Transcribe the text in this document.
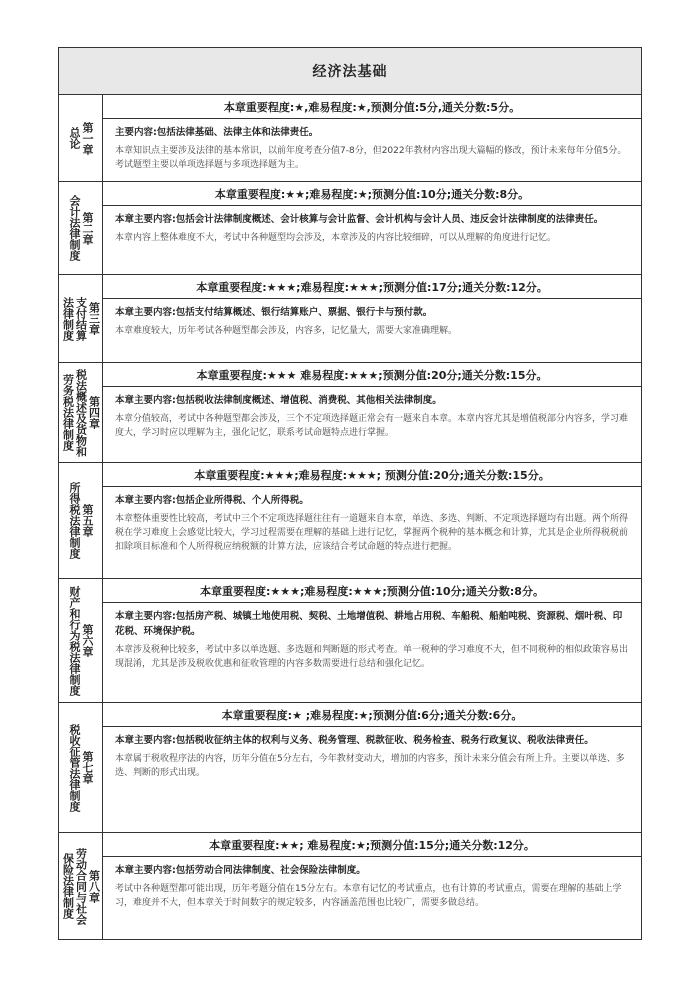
经济法基础
第一章
总论
本章重要程度:★,难易程度:★,预测分值:5分,通关分数:5分。

主要内容:包括法律基础、法律主体和法律责任。

本章知识点主要涉及法律的基本常识，以前年度考查分值7-8分，但2022年教材内容出现大篇幅的修改，预计未来每年分值5分。考试题型主要以单项选择题与多项选择题为主。

第二章
会计法律制度
本章重要程度:★★;难易程度:★;预测分值:10分;通关分数:8分。

本章主要内容:包括会计法律制度概述、会计核算与会计监督、会计机构与会计人员、违反会计法律制度的法律责任。

本章内容上整体难度不大，考试中各种题型均会涉及，本章涉及的内容比较细碎，可以从理解的角度进行记忆。

第三章
支付结算
法律制度
本章重要程度:★★★;难易程度:★★★;预测分值:17分;通关分数:12分。

本章主要内容:包括支付结算概述、银行结算账户、票据、银行卡与预付款。

本章难度较大，历年考试各种题型都会涉及，内容多，记忆量大，需要大家准确理解。

第四章
税法概述及货物和
劳务税法律制度	本章重要程度:★★★ 难易程度:★★★;预测分值:20分;通关分数:15分。

本章主要内容:包括税收法律制度概述、增值税、消费税、其他相关法律制度。

本章分值较高，考试中各种题型都会涉及，三个不定项选择题正常会有一题来自本章。本章内容尤其是增值税部分内容多，学习难度大，学习时应以理解为主，强化记忆，联系考试命题特点进行掌握。

第五章
所得税法律制度
本章重要程度:★★★;难易程度:★★★; 预测分值:20分;通关分数:15分。

本章主要内容:包括企业所得税、个人所得税。

本章整体重要性比较高，考试中三个不定项选择题往往有一道题来自本章，单选、多选、判断、不定项选择题均有出题。两个所得税在学习难度上会感觉比较大，学习过程需要在理解的基础上进行记忆，掌握两个税种的基本概念和计算，尤其是企业所得税税前扣除项目标准和个人所得税应纳税额的计算方法，应该结合考试命题的特点进行把握。

第六章
财产和行为税法律制度	本章重要程度:★★★;难易程度:★★★;预测分值:10分;通关分数:8分。

本章主要内容:包括房产税、城镇土地使用税、契税、土地增值税、耕地占用税、车船税、船舶吨税、资源税、烟叶税、印花税、环境保护税。

本章涉及税种比较多，考试中多以单选题、多选题和判断题的形式考查。单一税种的学习难度不大，但不同税种的相似政策容易出现混淆，尤其是涉及税收优惠和征收管理的内容多数需要进行总结和强化记忆。

第七章
税收征管法律制度
本章重要程度:★ ;难易程度:★;预测分值:6分;通关分数:6分。

本章主要内容:包括税收征纳主体的权利与义务、税务管理、税款征收、税务检查、税务行政复议、税收法律责任。

本章属于税收程序法的内容，历年分值在5分左右，今年教材变动大，增加的内容多，预计未来分值会有所上升。主要以单选、多选、判断的形式出现。

第八章
劳动合同与社会
保险法律制度
本章重要程度:★★; 难易程度:★;预测分值:15分;通关分数:12分。

本章主要内容:包括劳动合同法律制度、社会保险法律制度。

考试中各种题型都可能出现，历年考题分值在15分左右。本章有记忆的考试重点，也有计算的考试重点，需要在理解的基础上学习，难度并不大，但本章关于时间数字的规定较多，内容涵盖范围也比较广，需要多做总结。
